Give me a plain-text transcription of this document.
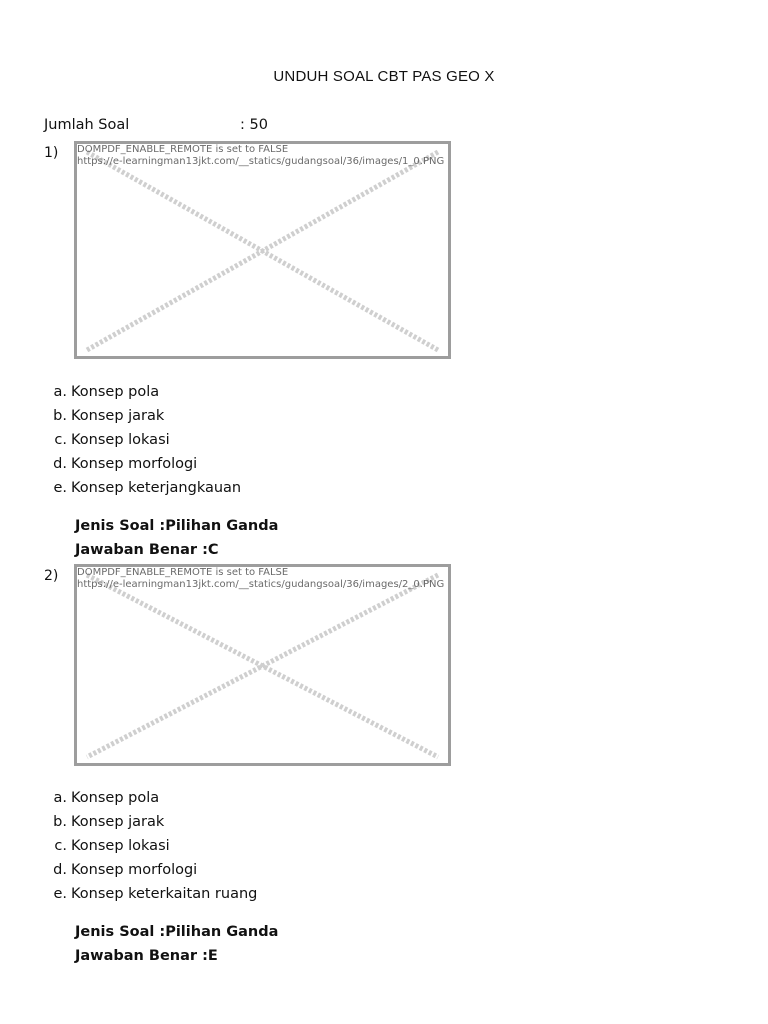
UNDUH SOAL CBT PAS GEO X
Jumlah Soal	: 50
1) DOMPDF_ENABLE_REMOTE is set to FALSE
https://e-learningman13jkt.com/__statics/gudangsoal/36/images/1_0.PNG
a. Konsep pola
b. Konsep jarak
c. Konsep lokasi
d. Konsep morfologi
e. Konsep keterjangkauan
Jenis Soal :Pilihan Ganda
Jawaban Benar :C
2) DOMPDF_ENABLE_REMOTE is set to FALSE
https://e-learningman13jkt.com/__statics/gudangsoal/36/images/2_0.PNG
a. Konsep pola
b. Konsep jarak
c. Konsep lokasi
d. Konsep morfologi
e. Konsep keterkaitan ruang
Jenis Soal :Pilihan Ganda
Jawaban Benar :E
